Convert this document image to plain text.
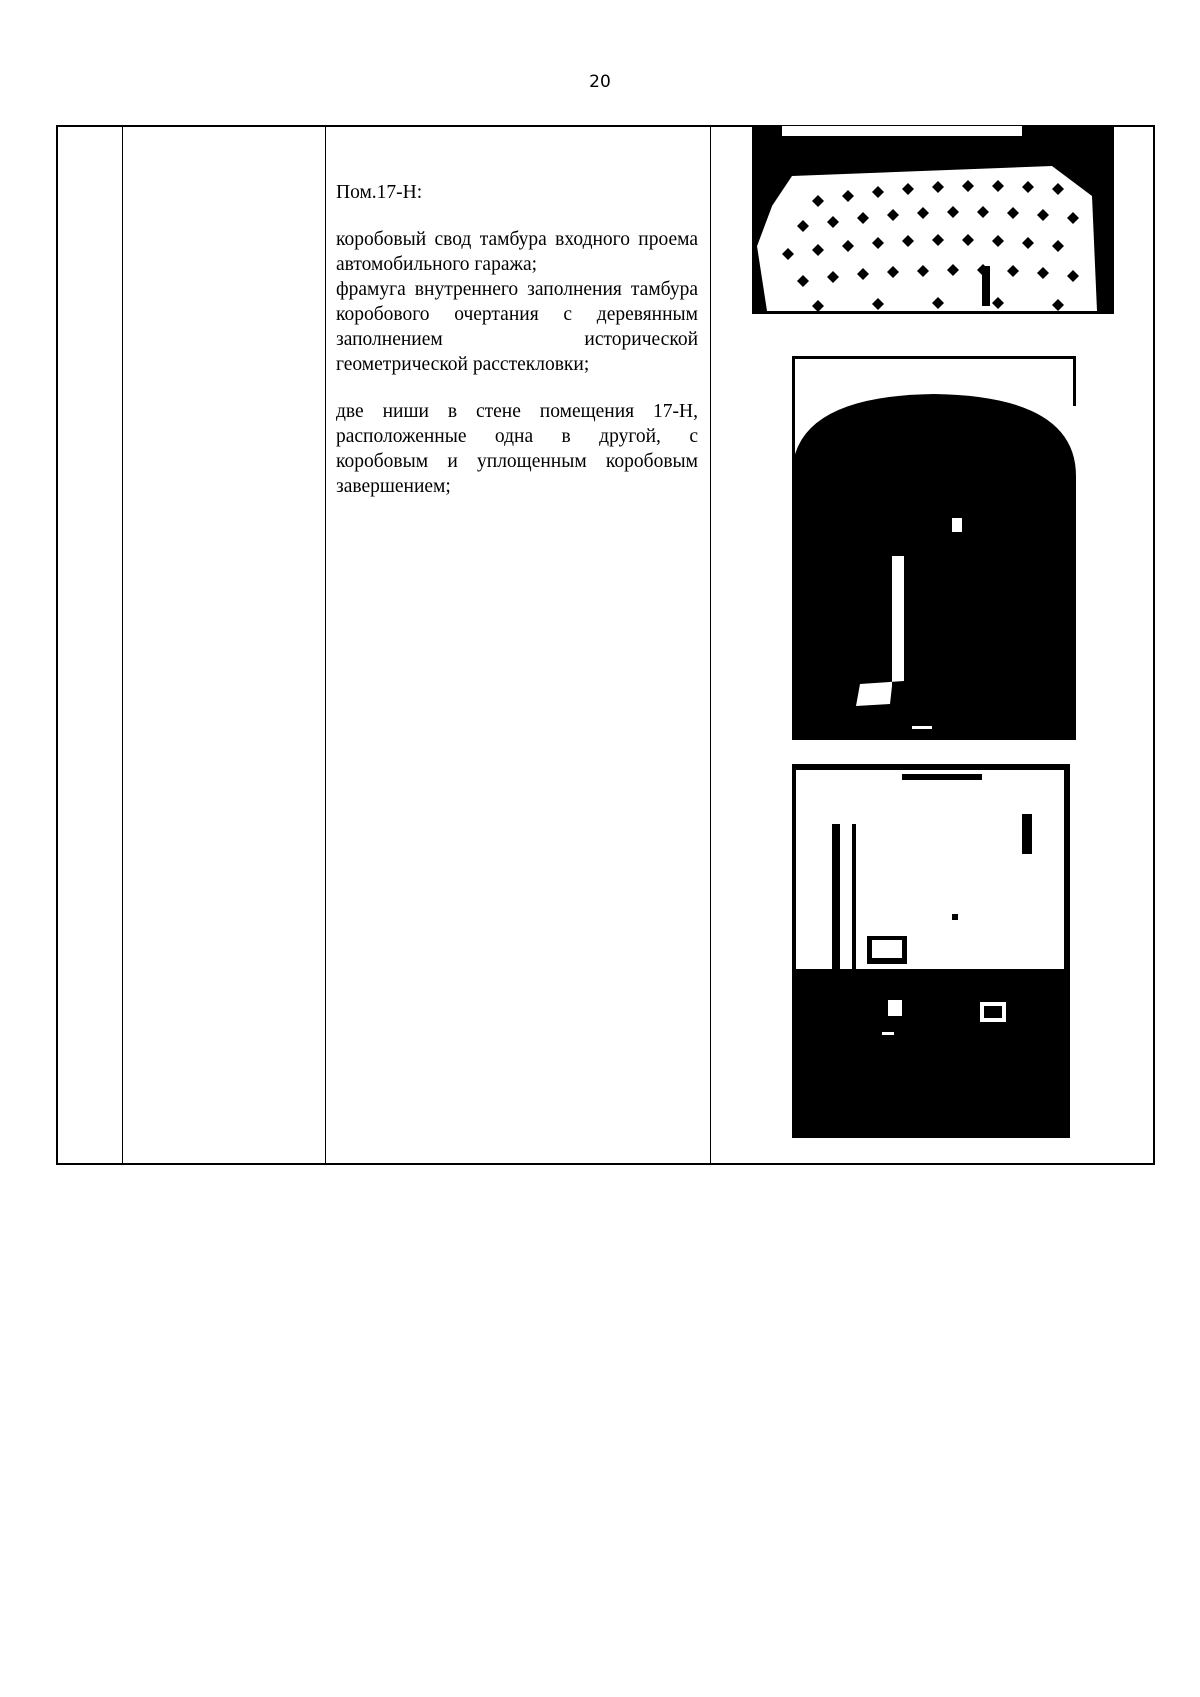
20

Пом.17-Н:

коробовый свод тамбура входного проема автомобильного гаража;
фрамуга внутреннего заполнения тамбура коробового очертания с деревянным заполнением исторической геометрической расстекловки;

две ниши в стене помещения 17-Н, расположенные одна в другой, с коробовым и уплощенным коробовым завершением;
